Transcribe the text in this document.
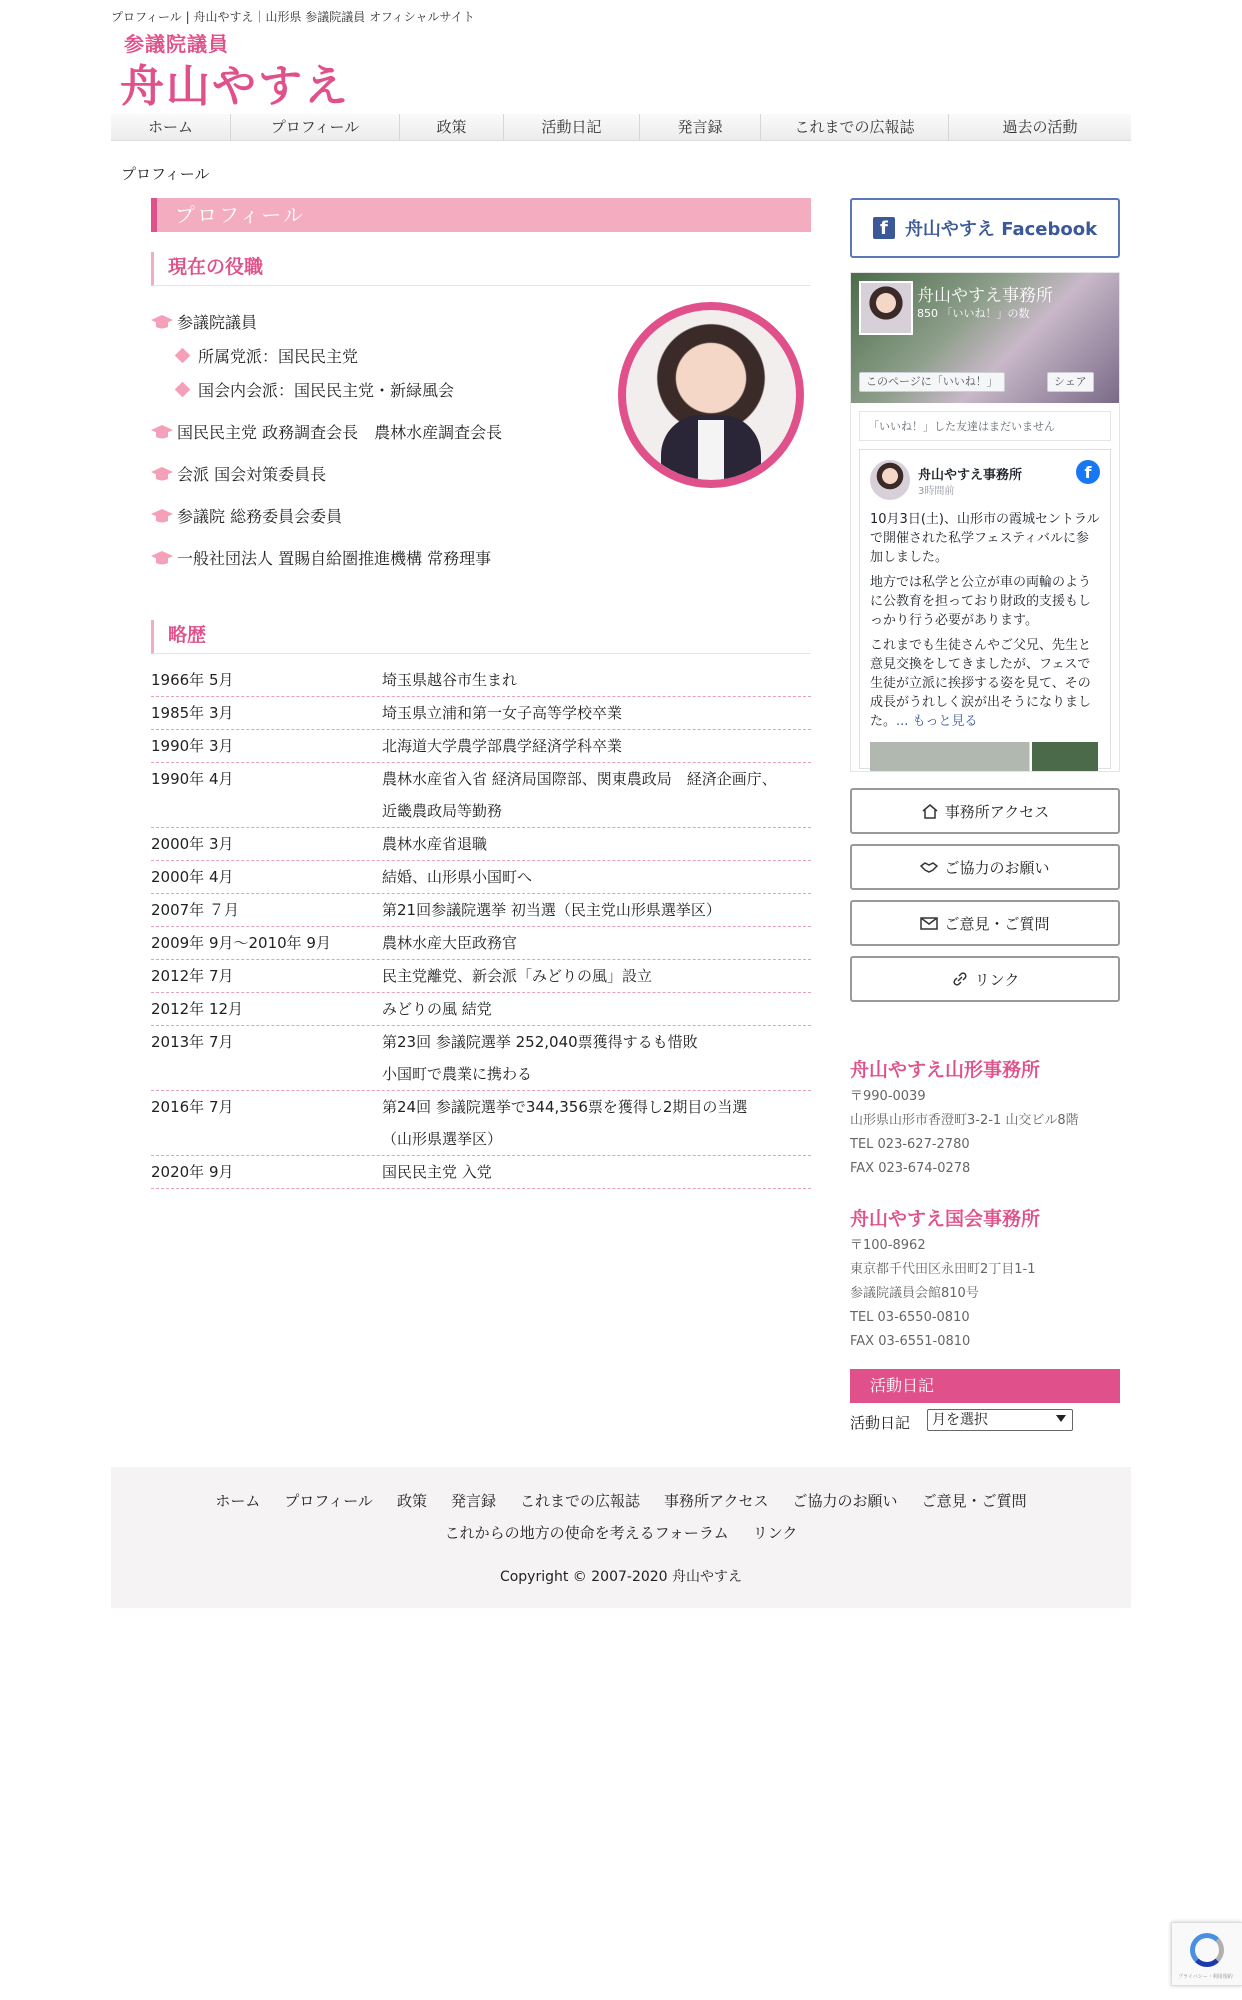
プロフィール | 舟山やすえ｜山形県 参議院議員 オフィシャルサイト
参議院議員
舟山やすえ
ホーム	プロフィール	政策	活動日記	発言録	これまでの広報誌	過去の活動
プロフィール
プロフィール
現在の役職
参議院議員
所属党派：国民民主党
国会内会派：国民民主党・新緑風会
国民民主党 政務調査会長　農林水産調査会長
会派 国会対策委員長
参議院 総務委員会委員
一般社団法人 置賜自給圏推進機構 常務理事
略歴
1966年 5月	埼玉県越谷市生まれ
1985年 3月	埼玉県立浦和第一女子高等学校卒業
1990年 3月	北海道大学農学部農学経済学科卒業
1990年 4月	農林水産省入省 経済局国際部、関東農政局　経済企画庁、
近畿農政局等勤務
2000年 3月	農林水産省退職
2000年 4月	結婚、山形県小国町へ
2007年 ７月	第21回参議院選挙 初当選（民主党山形県選挙区）
2009年 9月～2010年 9月	農林水産大臣政務官
2012年 7月	民主党離党、新会派「みどりの風」設立
2012年 12月	みどりの風 結党
2013年 7月	第23回 参議院選挙 252,040票獲得するも惜敗
小国町で農業に携わる
2016年 7月	第24回 参議院選挙で344,356票を獲得し2期目の当選
（山形県選挙区）
2020年 9月	国民民主党 入党
f 舟山やすえ Facebook
舟山やすえ事務所
850 「いいね！」の数
このページに「いいね！」	シェア
「いいね！」した友達はまだいません
舟山やすえ事務所
3時間前
f

10月3日(土)、山形市の霞城セントラルで開催された私学フェスティバルに参加しました。

地方では私学と公立が車の両輪のように公教育を担っており財政的支援もしっかり行う必要があります。

これまでも生徒さんやご父兄、先生と意見交換をしてきましたが、フェスで生徒が立派に挨拶する姿を見て、その成長がうれしく涙が出そうになりました。... もっと見る

事務所アクセス
ご協力のお願い
ご意見・ご質問
リンク
舟山やすえ山形事務所
〒990-0039
山形県山形市香澄町3-2-1 山交ビル8階
TEL 023-627-2780
FAX 023-674-0278
舟山やすえ国会事務所
〒100-8962
東京都千代田区永田町2丁目1-1
参議院議員会館810号
TEL 03-6550-0810
FAX 03-6551-0810
活動日記
活動日記	月を選択
ホーム プロフィール 政策 発言録 これまでの広報誌 事務所アクセス ご協力のお願い ご意見・ご質問
これからの地方の使命を考えるフォーラム リンク
Copyright © 2007-2020 舟山やすえ
プライバシー・利用規約
